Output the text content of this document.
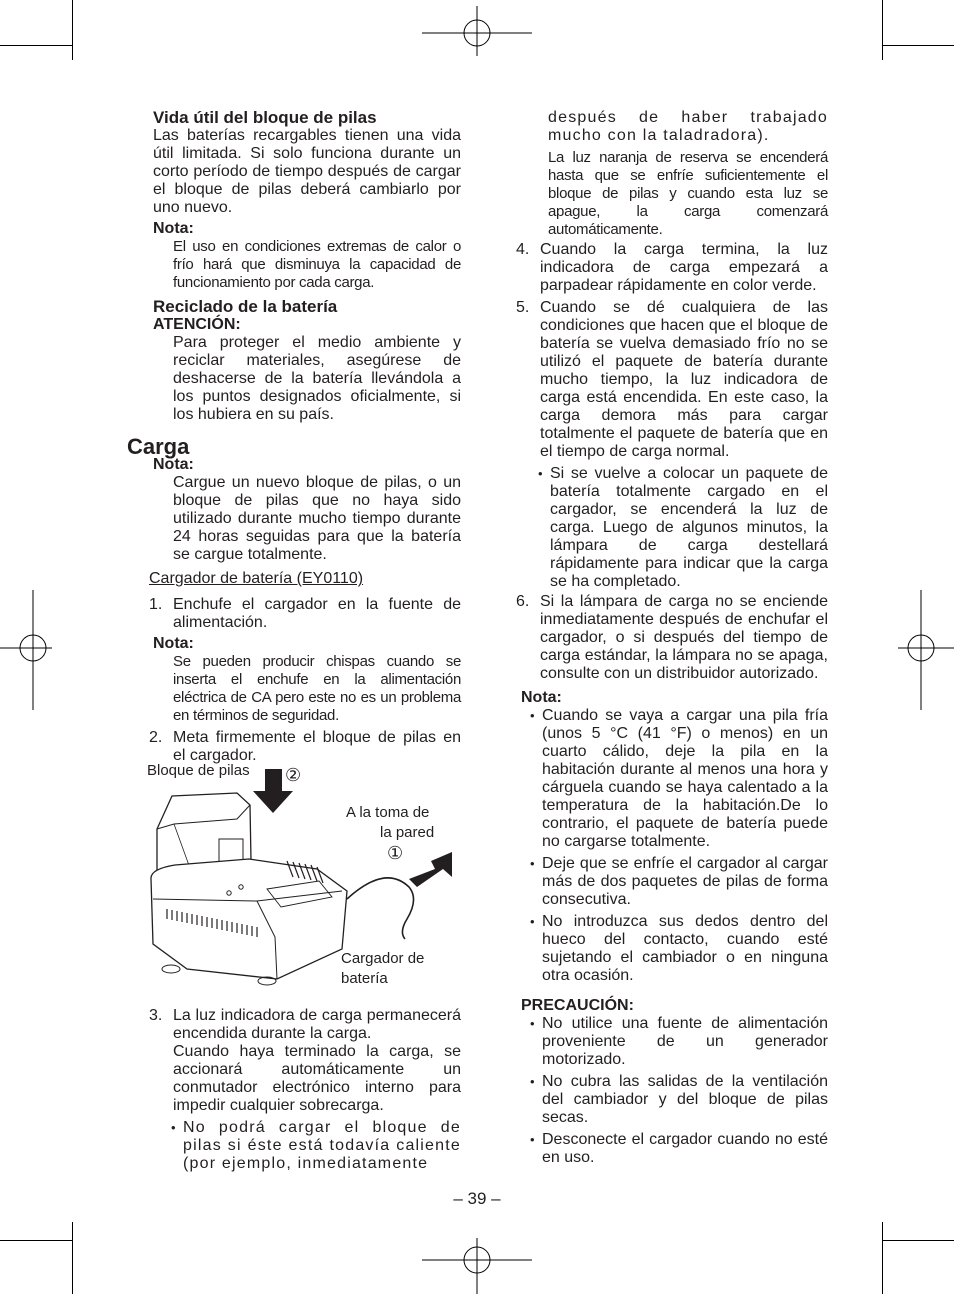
Carga

Vida útil del bloque de pilas

Las baterías recargables tienen una vida útil limitada. Si solo funciona durante un corto período de tiempo después de cargar el bloque de pilas deberá cambiarlo por uno nuevo.

Nota:

El uso en condiciones extremas de calor o frío hará que disminuya la capacidad de funcionamiento por cada carga.

Reciclado de la batería

ATENCIÓN:

Para proteger el medio ambiente y reciclar materiales, asegúrese de deshacerse de la batería llevándola a los puntos designados oficialmente, si los hubiera en su país.

Nota:

Cargue un nuevo bloque de pilas, o un bloque de pilas que no haya sido utilizado durante mucho tiempo durante 24 horas seguidas para que la batería se cargue totalmente.

Cargador de batería (EY0110)

1. Enchufe el cargador en la fuente de alimentación.

Nota:

Se pueden producir chispas cuando se inserta el enchufe en la alimentación eléctrica de CA pero este no es un problema en términos de seguridad.

2. Meta firmemente el bloque de pilas en el cargador.
Bloque de pilas ②
A la toma de
la pared
①
Cargador de
batería
3. La luz indicadora de carga permanecerá encendida durante la carga.

Cuando haya terminado la carga, se accionará automáticamente un conmutador electrónico interno para impedir cualquier sobrecarga.

• No podrá cargar el bloque de pilas si éste está todavía caliente (por ejemplo, inmediatamente

después de haber trabajado mucho con la taladradora).

La luz naranja de reserva se encenderá hasta que se enfríe suficientemente el bloque de pilas y cuando esta luz se apague, la carga comenzará automáticamente.

4. Cuando la carga termina, la luz indicadora de carga empezará a parpadear rápidamente en color verde.
5. Cuando se dé cualquiera de las condiciones que hacen que el bloque de batería se vuelva demasiado frío no se utilizó el paquete de batería durante mucho tiempo, la luz indicadora de carga está encendida. En este caso, la carga demora más para cargar totalmente el paquete de batería que en el tiempo de carga normal.

• Si se vuelve a colocar un paquete de batería totalmente cargado en el cargador, se encenderá la luz de carga. Luego de algunos minutos, la lámpara de carga destellará rápidamente para indicar que la carga se ha completado.

6. Si la lámpara de carga no se enciende inmediatamente después de enchufar el cargador, o si después del tiempo de carga estándar, la lámpara no se apaga, consulte con un distribuidor autorizado.

Nota:

• Cuando se vaya a cargar una pila fría (unos 5 °C (41 °F) o menos) en un cuarto cálido, deje la pila en la habitación durante al menos una hora y cárguela cuando se haya calentado a la temperatura de la habitación.De lo contrario, el paquete de batería puede no cargarse totalmente.

• Deje que se enfríe el cargador al cargar más de dos paquetes de pilas de forma consecutiva.

• No introduzca sus dedos dentro del hueco del contacto, cuando esté sujetando el cambiador o en ninguna otra ocasión.

PRECAUCIÓN:

• No utilice una fuente de alimentación proveniente de un generador motorizado.

• No cubra las salidas de la ventilación del cambiador y del bloque de pilas secas.

• Desconecte el cargador cuando no esté en uso.

– 39 –
